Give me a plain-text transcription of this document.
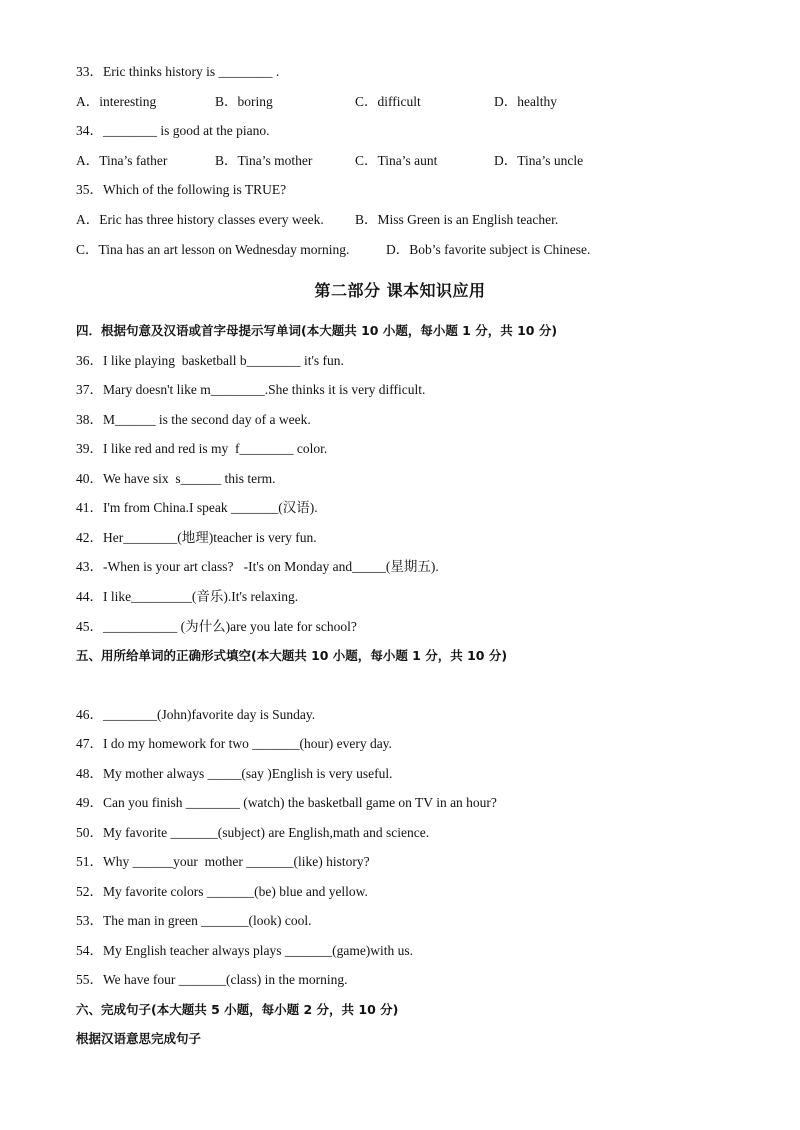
33．Eric thinks history is ________ .
A．interesting	B．boring	C．difficult	D．healthy
34．________ is good at the piano.
A．Tina’s father	B．Tina’s mother	C．Tina’s aunt	D．Tina’s uncle
35．Which of the following is TRUE?
A．Eric has three history classes every week. B．Miss Green is an English teacher.
C．Tina has an art lesson on Wednesday morning.	D．Bob’s favorite subject is Chinese.
第二部分 课本知识应用
四．根据句意及汉语或首字母提示写单词(本大题共 10 小题，每小题 1 分，共 10 分)
36．I like playing  basketball b________ it's fun.
37．Mary doesn't like m________.She thinks it is very difficult.
38．M______ is the second day of a week.
39．I like red and red is my  f________ color.
40．We have six  s______ this term.
41．I'm from China.I speak _______(汉语).
42．Her________(地理)teacher is very fun.
43．-When is your art class?   -It's on Monday and_____(星期五).
44．I like_________(音乐).It's relaxing.
45．___________ (为什么)are you late for school?
五、用所给单词的正确形式填空(本大题共 10 小题，每小题 1 分，共 10 分)
46．________(John)favorite day is Sunday.
47．I do my homework for two _______(hour) every day.
48．My mother always _____(say )English is very useful.
49．Can you finish ________ (watch) the basketball game on TV in an hour?
50．My favorite _______(subject) are English,math and science.
51．Why ______your  mother _______(like) history?
52．My favorite colors _______(be) blue and yellow.
53．The man in green _______(look) cool.
54．My English teacher always plays _______(game)with us.
55．We have four _______(class) in the morning.
六、完成句子(本大题共 5 小题，每小题 2 分，共 10 分)
根据汉语意思完成句子
